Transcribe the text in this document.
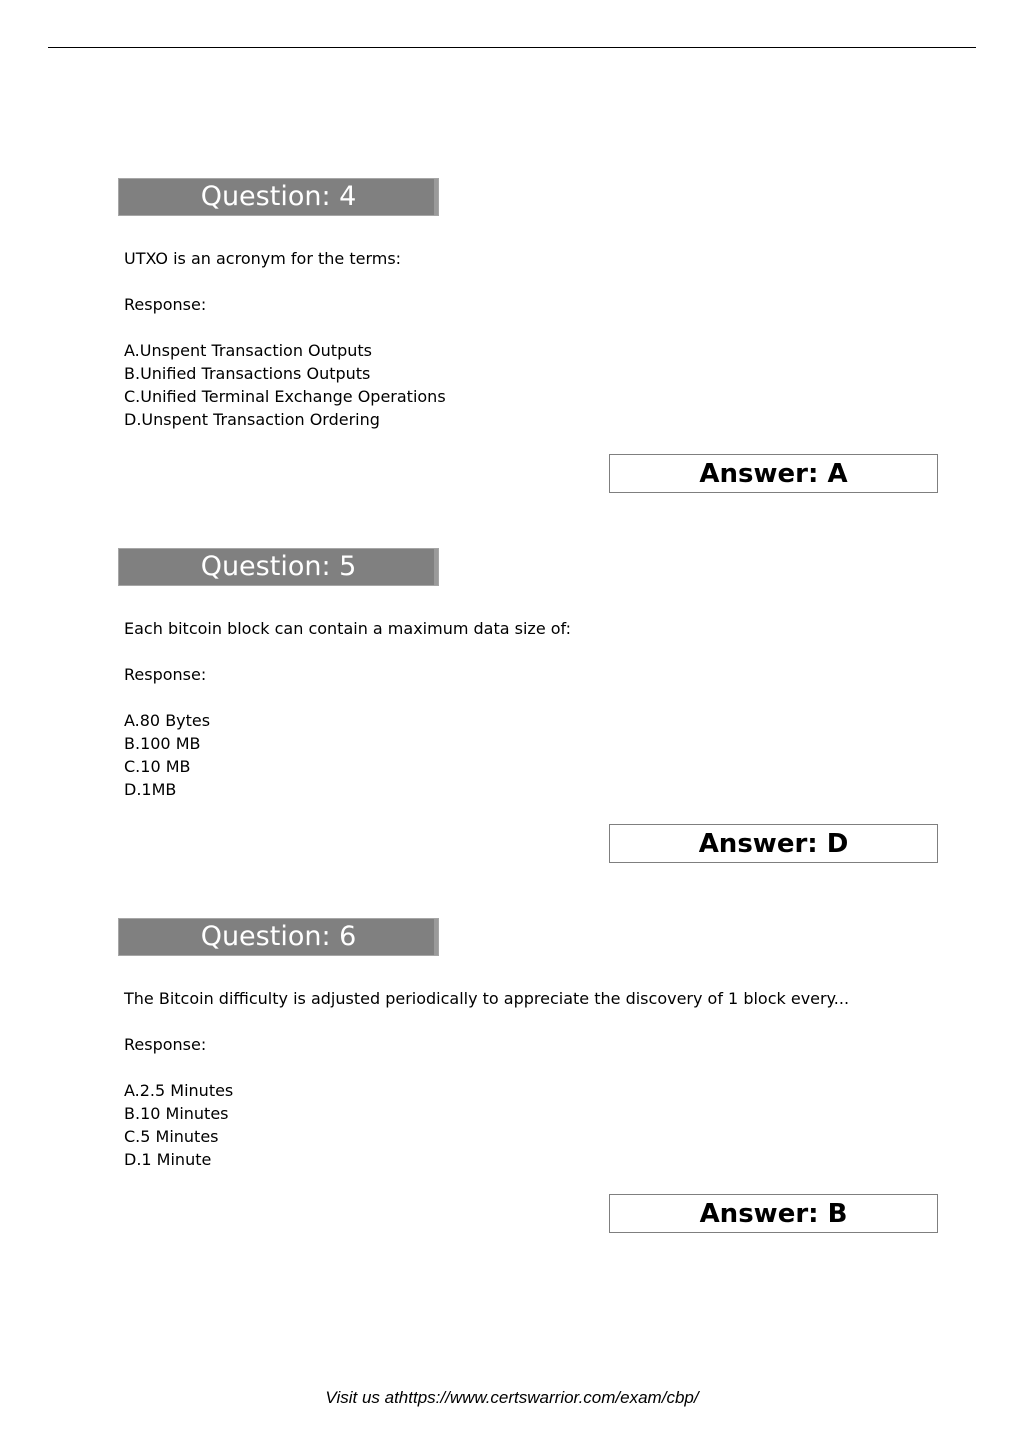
Question: 4
UTXO is an acronym for the terms:
Response:
A.Unspent Transaction Outputs
B.Unified Transactions Outputs
C.Unified Terminal Exchange Operations
D.Unspent Transaction Ordering
Answer: A
Question: 5
Each bitcoin block can contain a maximum data size of:
Response:
A.80 Bytes
B.100 MB
C.10 MB
D.1MB
Answer: D
Question: 6
The Bitcoin difficulty is adjusted periodically to appreciate the discovery of 1 block every...
Response:
A.2.5 Minutes
B.10 Minutes
C.5 Minutes
D.1 Minute
Answer: B
Visit us athttps://www.certswarrior.com/exam/cbp/
